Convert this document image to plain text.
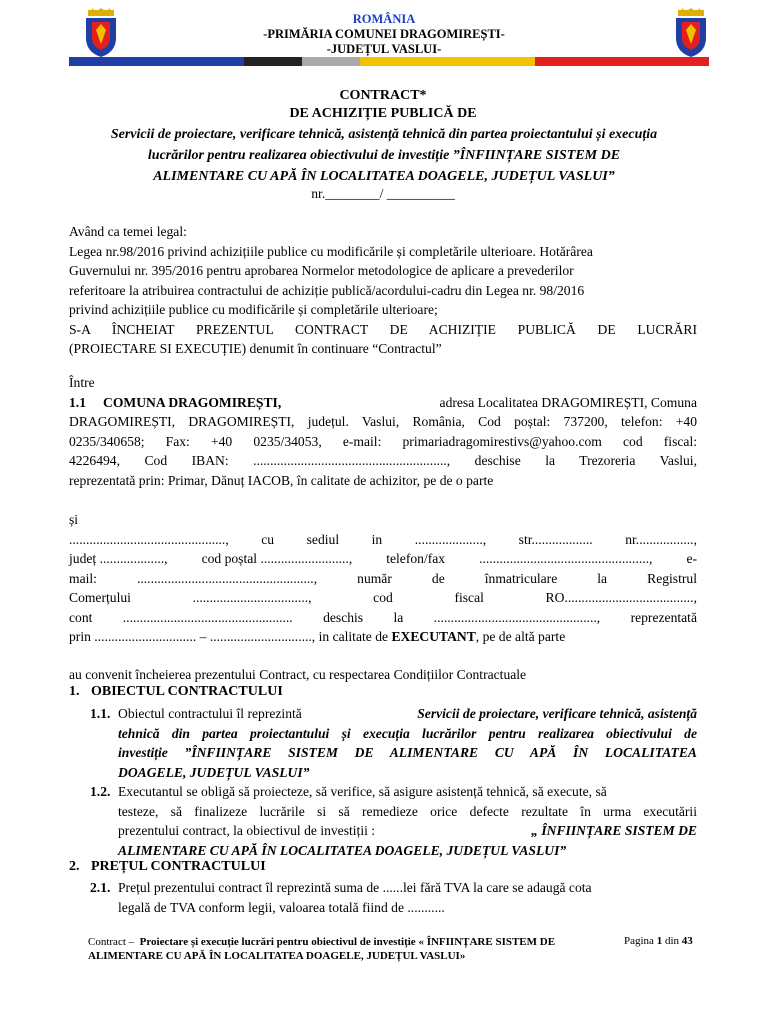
ROMÂNIA
-PRIMĂRIA COMUNEI DRAGOMIREȘTI-
-JUDEȚUL VASLUI-
CONTRACT*
DE ACHIZIȚIE PUBLICĂ DE
Servicii de proiectare, verificare tehnică, asistență tehnică din partea proiectantului și execuția
lucrărilor pentru realizarea obiectivului de investiție ”ÎNFIINȚARE SISTEM DE
ALIMENTARE CU APĂ ÎN LOCALITATEA DOAGELE, JUDEȚUL VASLUI”
nr.________/ __________
Având ca temei legal:
Legea nr.98/2016 privind achizițiile publice cu modificările și completările ulterioare. Hotărârea
Guvernului nr. 395/2016 pentru aprobarea Normelor metodologice de aplicare a prevederilor
referitoare la atribuirea contractului de achiziție publică/acordului-cadru din Legea nr. 98/2016
privind achizițiile publice cu modificările și completările ulterioare;
S-A ÎNCHEIAT PREZENTUL CONTRACT DE ACHIZIȚIE PUBLICĂ DE LUCRĂRI
(PROIECTARE SI EXECUȚIE) denumit în continuare “Contractul”
Între
1.1 COMUNA DRAGOMIREȘTI,	adresa Localitatea DRAGOMIREȘTI, Comuna
DRAGOMIREȘTI, DRAGOMIREȘTI, județul. Vaslui, România, Cod poștal: 737200, telefon: +40
0235/340658; Fax: +40 0235/34053, e-mail: primariadragomirestivs@yahoo.com cod fiscal:
4226494, Cod IBAN: ........................................................., deschise la Trezoreria Vaslui,
reprezentată prin: Primar, Dănuț IACOB, în calitate de achizitor, pe de o parte
și
.............................................., cu sediul in ...................., str.................. nr.................,
județ ...................,	cod poștal ..........................,	telefon/fax	..................................................,	e-
mail:	....................................................,	număr	de	înmatriculare	la	Registrul
Comerțului	..................................,	cod	fiscal	RO......................................,
cont .................................................. deschis la ................................................, reprezentată
prin .............................. – .............................., in calitate de EXECUTANT, pe de altă parte
au convenit încheierea prezentului Contract, cu respectarea Condițiilor Contractuale
1. OBIECTUL CONTRACTULUI
1.1. Obiectul contractului îl reprezintă	Servicii de proiectare, verificare tehnică, asistență
tehnică din partea proiectantului și execuția lucrărilor pentru realizarea obiectivului de
investiție ”ÎNFIINȚARE SISTEM DE ALIMENTARE CU APĂ ÎN LOCALITATEA
DOAGELE, JUDEȚUL VASLUI”
1.2. Executantul se obligă să proiecteze, să verifice, să asigure asistență tehnică, să execute, să
testeze, să finalizeze lucrările si să remedieze orice defecte rezultate în urma executării
prezentului contract, la obiectivul de investiții :	„ ÎNFIINȚARE SISTEM DE
ALIMENTARE CU APĂ ÎN LOCALITATEA DOAGELE, JUDEȚUL VASLUI”
2. PREȚUL CONTRACTULUI
2.1. Prețul prezentului contract îl reprezintă suma de ......lei fără TVA la care se adaugă cota
legală de TVA conform legii, valoarea totală fiind de ...........
Contract –  Proiectare și execuție lucrări pentru obiectivul de investiție « ÎNFIINȚARE SISTEM DE
ALIMENTARE CU APĂ ÎN LOCALITATEA DOAGELE, JUDEȚUL VASLUI»
Pagina 1 din 43
